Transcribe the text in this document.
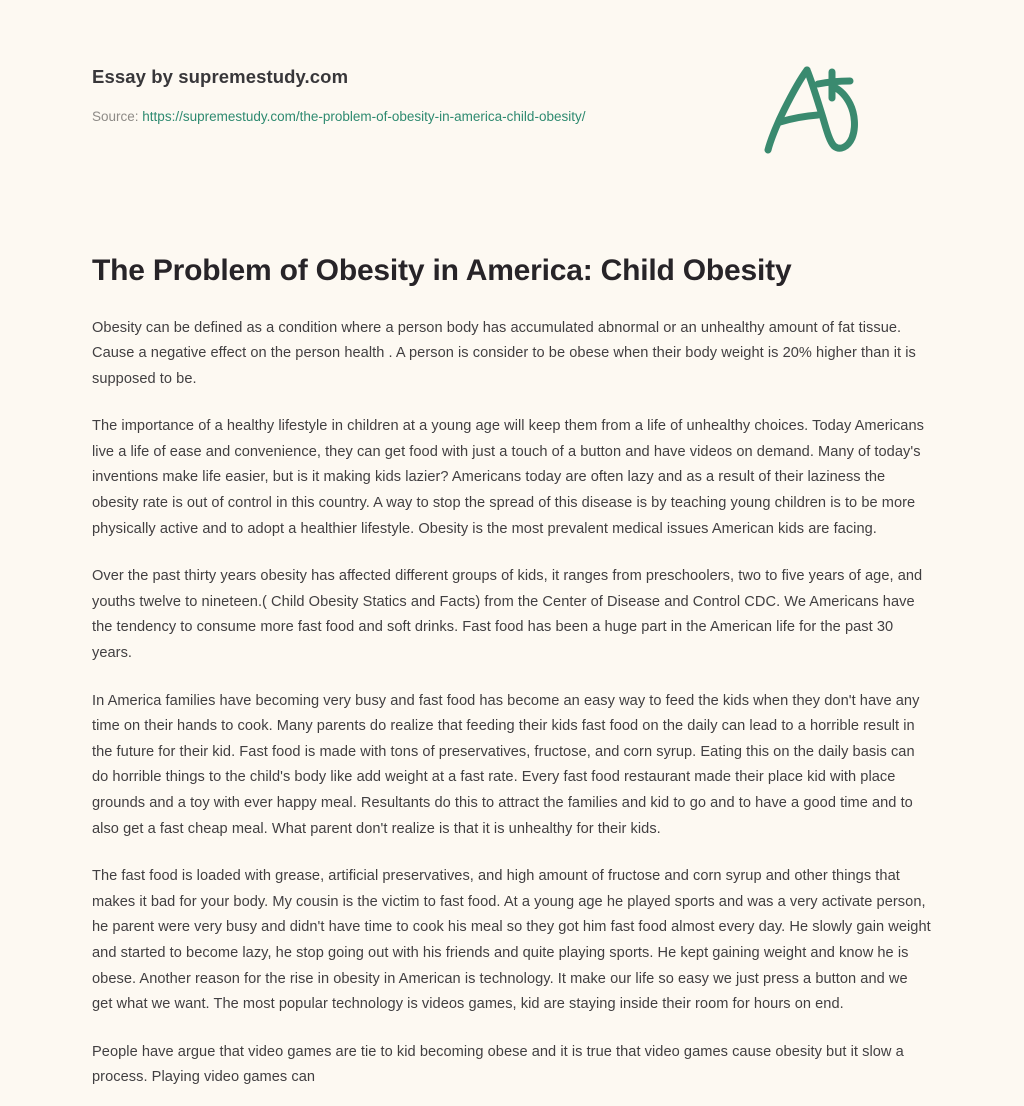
Essay by supremestudy.com
Source: https://supremestudy.com/the-problem-of-obesity-in-america-child-obesity/
The Problem of Obesity in America: Child Obesity

Obesity can be defined as a condition where a person body has accumulated abnormal or an unhealthy amount of fat tissue. Cause a negative effect on the person health . A person is consider to be obese when their body weight is 20% higher than it is supposed to be.

The importance of a healthy lifestyle in children at a young age will keep them from a life of unhealthy choices. Today Americans live a life of ease and convenience, they can get food with just a touch of a button and have videos on demand. Many of today's inventions make life easier, but is it making kids lazier? Americans today are often lazy and as a result of their laziness the obesity rate is out of control in this country. A way to stop the spread of this disease is by teaching young children is to be more physically active and to adopt a healthier lifestyle. Obesity is the most prevalent medical issues American kids are facing.

Over the past thirty years obesity has affected different groups of kids, it ranges from preschoolers, two to five years of age, and youths twelve to nineteen.( Child Obesity Statics and Facts) from the Center of Disease and Control CDC. We Americans have the tendency to consume more fast food and soft drinks. Fast food has been a huge part in the American life for the past 30 years.

In America families have becoming very busy and fast food has become an easy way to feed the kids when they don't have any time on their hands to cook. Many parents do realize that feeding their kids fast food on the daily can lead to a horrible result in the future for their kid. Fast food is made with tons of preservatives, fructose, and corn syrup. Eating this on the daily basis can do horrible things to the child's body like add weight at a fast rate. Every fast food restaurant made their place kid with place grounds and a toy with ever happy meal. Resultants do this to attract the families and kid to go and to have a good time and to also get a fast cheap meal. What parent don't realize is that it is unhealthy for their kids.

The fast food is loaded with grease, artificial preservatives, and high amount of fructose and corn syrup and other things that makes it bad for your body. My cousin is the victim to fast food. At a young age he played sports and was a very activate person, he parent were very busy and didn't have time to cook his meal so they got him fast food almost every day. He slowly gain weight and started to become lazy, he stop going out with his friends and quite playing sports. He kept gaining weight and know he is obese. Another reason for the rise in obesity in American is technology. It make our life so easy we just press a button and we get what we want. The most popular technology is videos games, kid are staying inside their room for hours on end.

People have argue that video games are tie to kid becoming obese and it is true that video games cause obesity but it slow a process. Playing video games can
